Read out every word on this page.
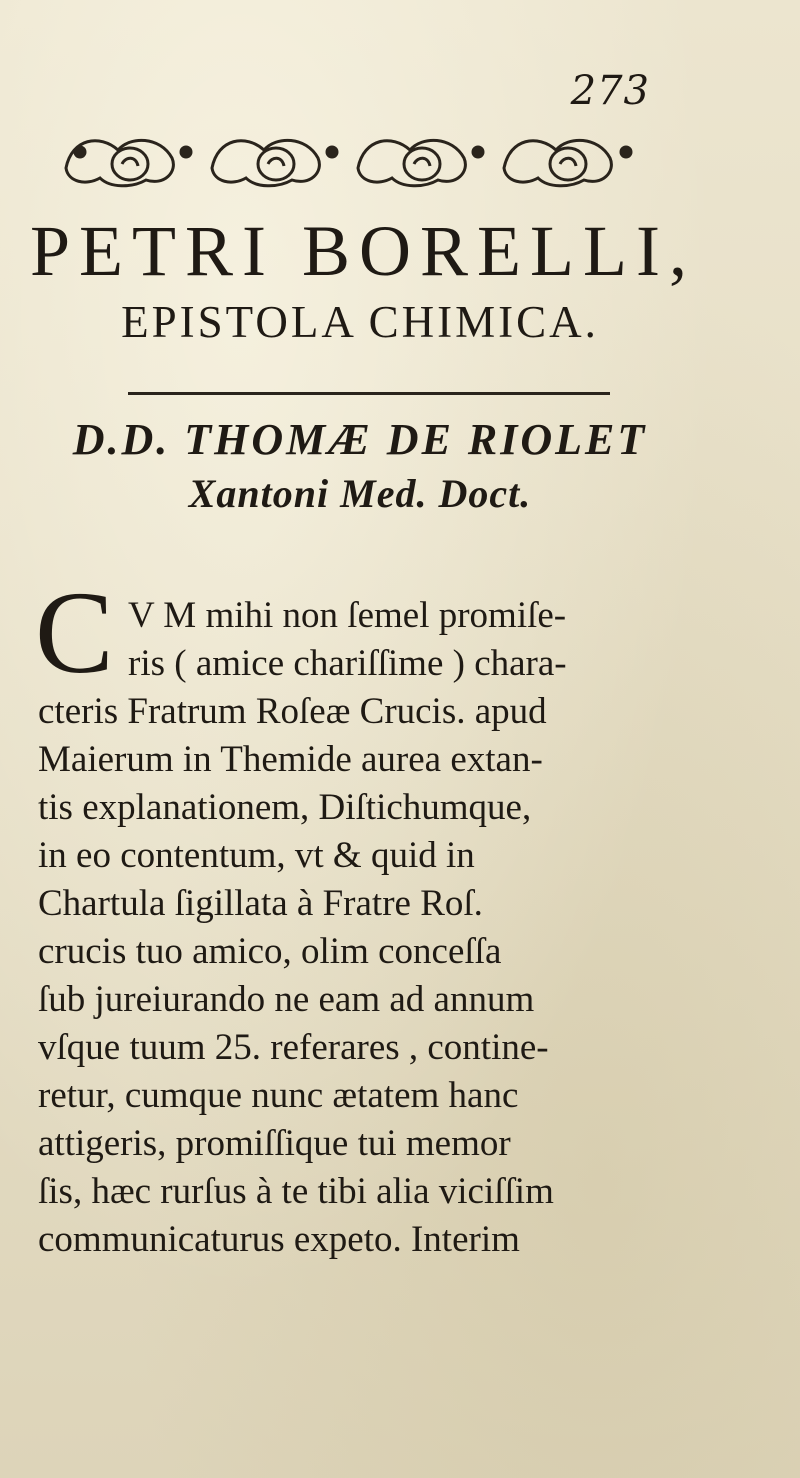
273
PETRI BORELLI,
EPISTOLA CHIMICA.
D.D. THOMÆ DE RIOLET
Xantoni Med. Doct.
C V M mihi non ſemel promiſe-
ris ( amice chariſſime ) chara-
cteris Fratrum Roſeæ Crucis. apud
Maierum in Themide aurea extan-
tis explanationem, Diſtichumque,
in eo contentum, vt & quid in
Chartula ſigillata à Fratre Roſ.
crucis tuo amico, olim conceſſa
ſub jureiurando ne eam ad annum
vſque tuum 25. referares , contine-
retur, cumque nunc ætatem hanc
attigeris, promiſſique tui memor
ſis, hæc rurſus à te tibi alia viciſſim
communicaturus expeto. Interim
